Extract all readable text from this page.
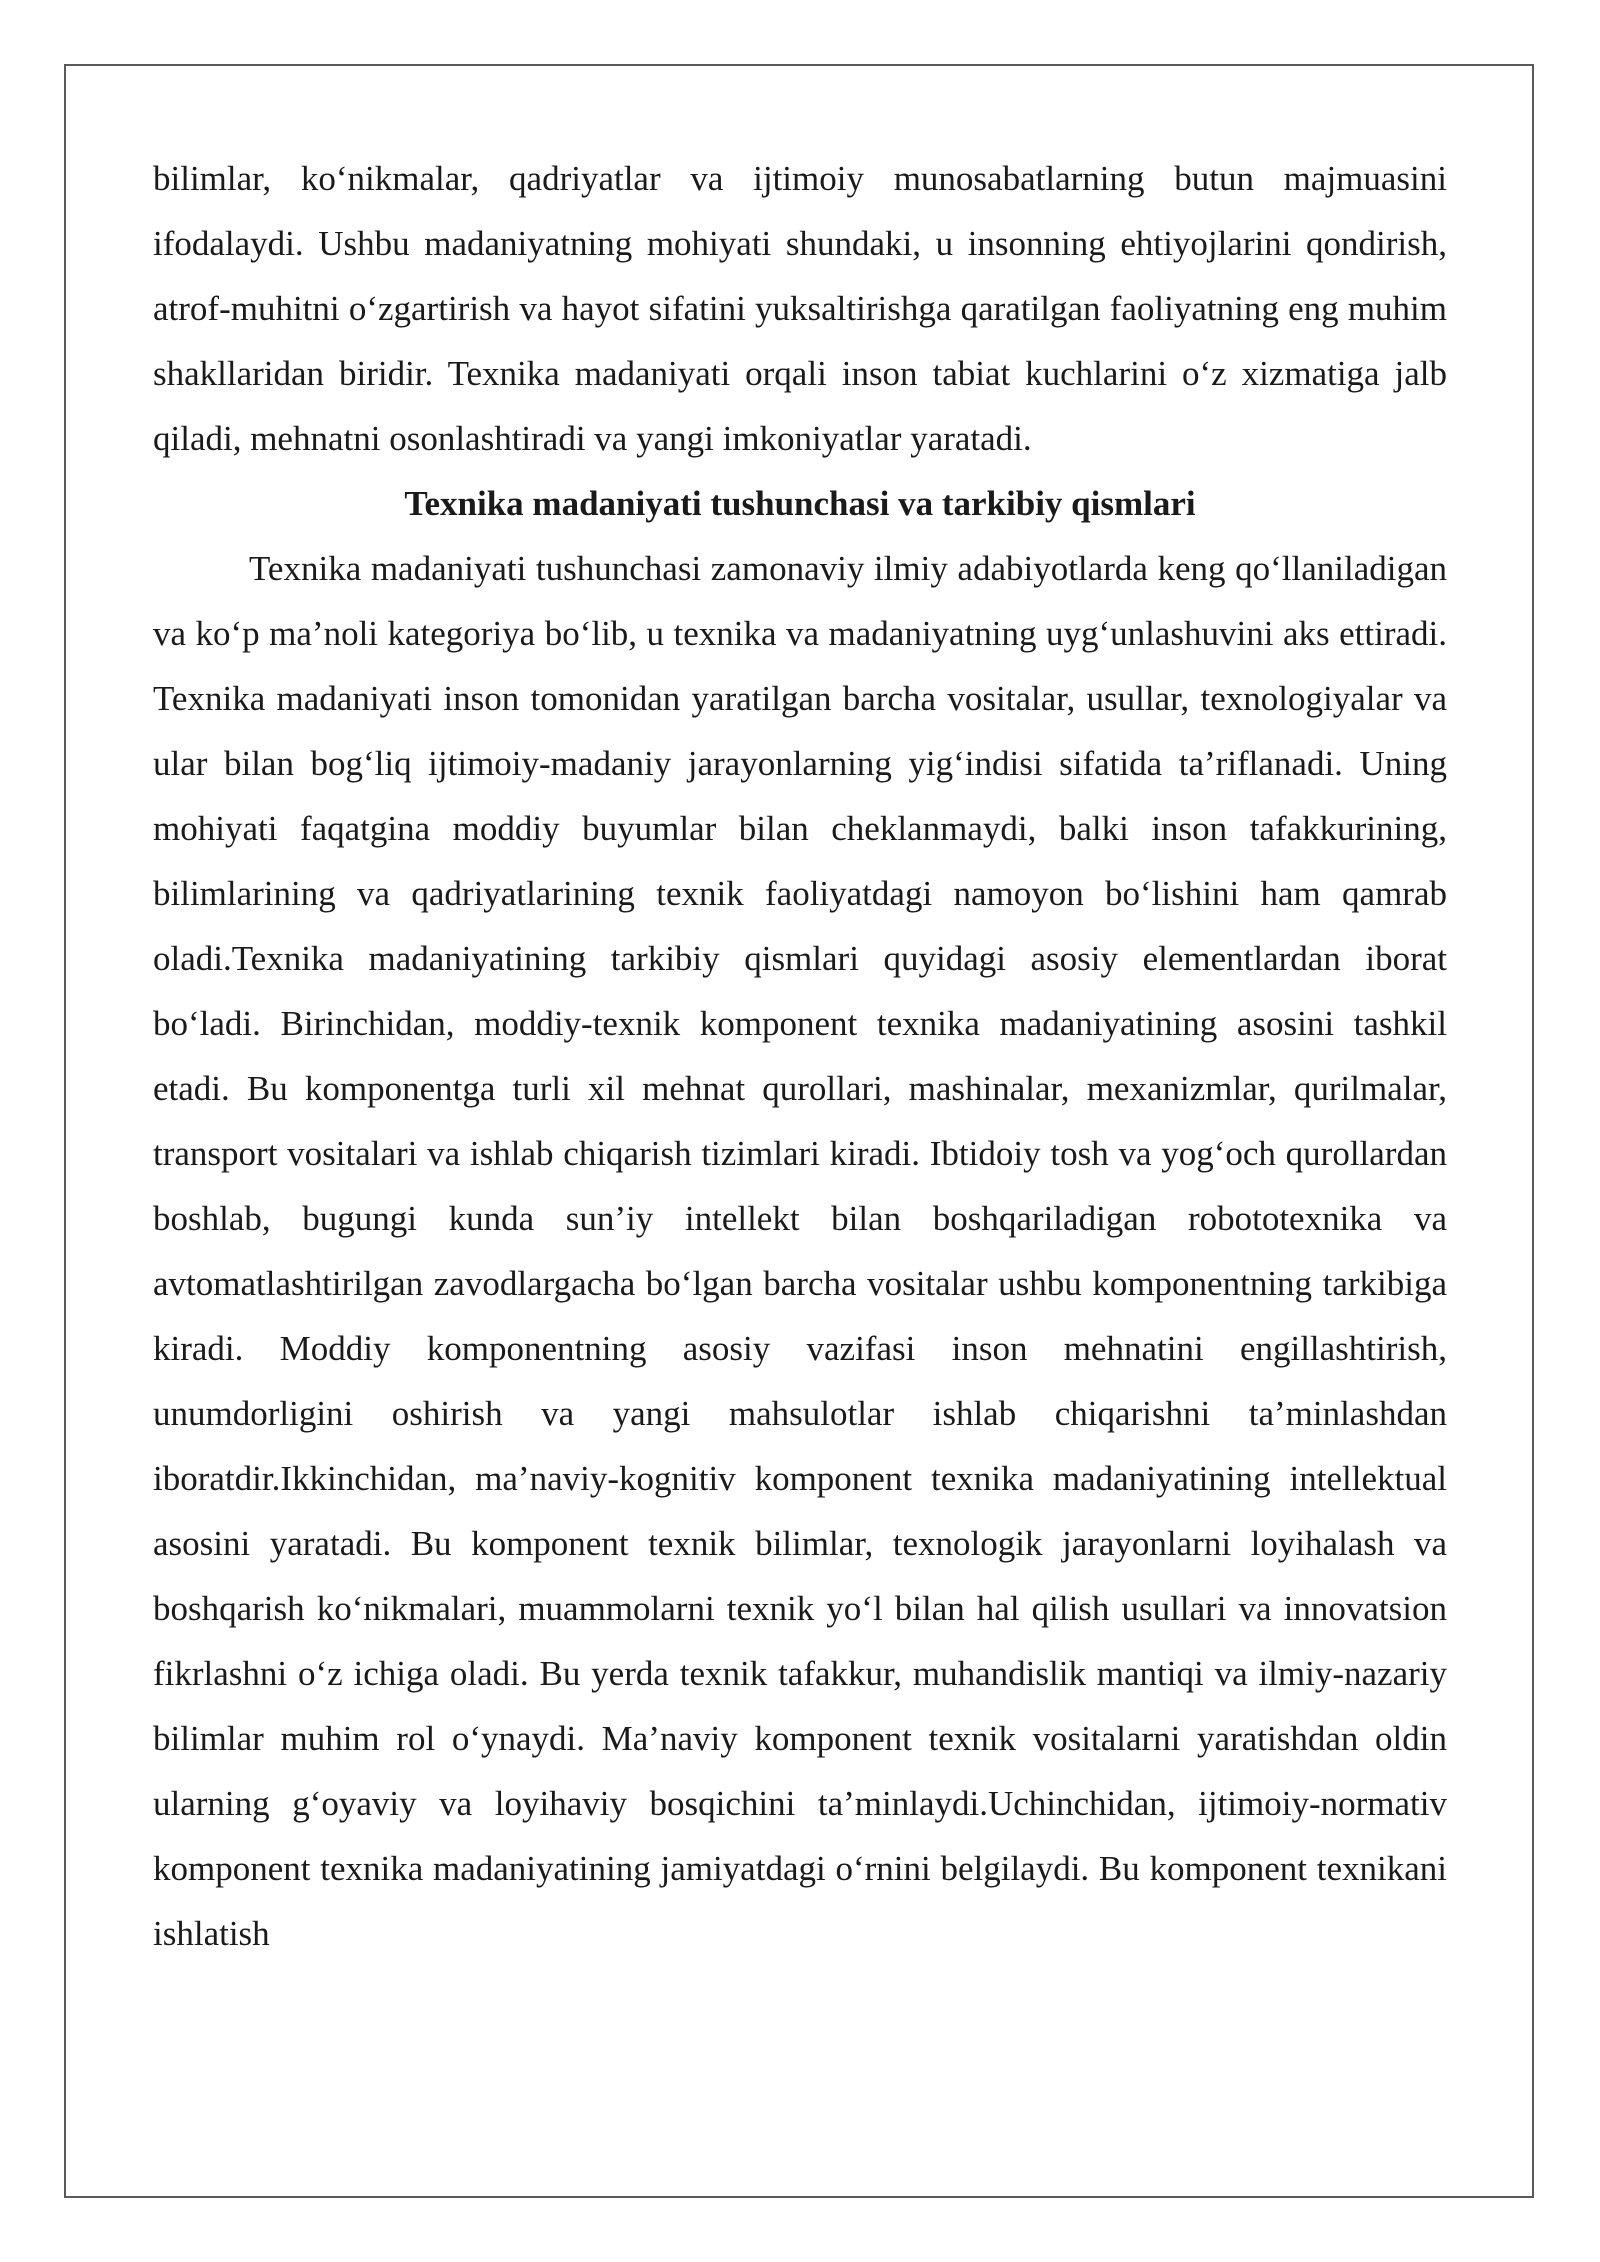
bilimlar, ko‘nikmalar, qadriyatlar va ijtimoiy munosabatlarning butun majmuasini ifodalaydi. Ushbu madaniyatning mohiyati shundaki, u insonning ehtiyojlarini qondirish, atrof-muhitni o‘zgartirish va hayot sifatini yuksaltirishga qaratilgan faoliyatning eng muhim shakllaridan biridir. Texnika madaniyati orqali inson tabiat kuchlarini o‘z xizmatiga jalb qiladi, mehnatni osonlashtiradi va yangi imkoniyatlar yaratadi.

Texnika madaniyati tushunchasi va tarkibiy qismlari

Texnika madaniyati tushunchasi zamonaviy ilmiy adabiyotlarda keng qo‘llaniladigan va ko‘p ma’noli kategoriya bo‘lib, u texnika va madaniyatning uyg‘unlashuvini aks ettiradi. Texnika madaniyati inson tomonidan yaratilgan barcha vositalar, usullar, texnologiyalar va ular bilan bog‘liq ijtimoiy-madaniy jarayonlarning yig‘indisi sifatida ta’riflanadi. Uning mohiyati faqatgina moddiy buyumlar bilan cheklanmaydi, balki inson tafakkurining, bilimlarining va qadriyatlarining texnik faoliyatdagi namoyon bo‘lishini ham qamrab oladi.Texnika madaniyatining tarkibiy qismlari quyidagi asosiy elementlardan iborat bo‘ladi. Birinchidan, moddiy-texnik komponent texnika madaniyatining asosini tashkil etadi. Bu komponentga turli xil mehnat qurollari, mashinalar, mexanizmlar, qurilmalar, transport vositalari va ishlab chiqarish tizimlari kiradi. Ibtidoiy tosh va yog‘och qurollardan boshlab, bugungi kunda sun’iy intellekt bilan boshqariladigan robototexnika va avtomatlashtirilgan zavodlargacha bo‘lgan barcha vositalar ushbu komponentning tarkibiga kiradi. Moddiy komponentning asosiy vazifasi inson mehnatini engillashtirish, unumdorligini oshirish va yangi mahsulotlar ishlab chiqarishni ta’minlashdan iboratdir.Ikkinchidan, ma’naviy-kognitiv komponent texnika madaniyatining intellektual asosini yaratadi. Bu komponent texnik bilimlar, texnologik jarayonlarni loyihalash va boshqarish ko‘nikmalari, muammolarni texnik yo‘l bilan hal qilish usullari va innovatsion fikrlashni o‘z ichiga oladi. Bu yerda texnik tafakkur, muhandislik mantiqi va ilmiy-nazariy bilimlar muhim rol o‘ynaydi. Ma’naviy komponent texnik vositalarni yaratishdan oldin ularning g‘oyaviy va loyihaviy bosqichini ta’minlaydi.Uchinchidan, ijtimoiy-normativ komponent texnika madaniyatining jamiyatdagi o‘rnini belgilaydi. Bu komponent texnikani ishlatish
